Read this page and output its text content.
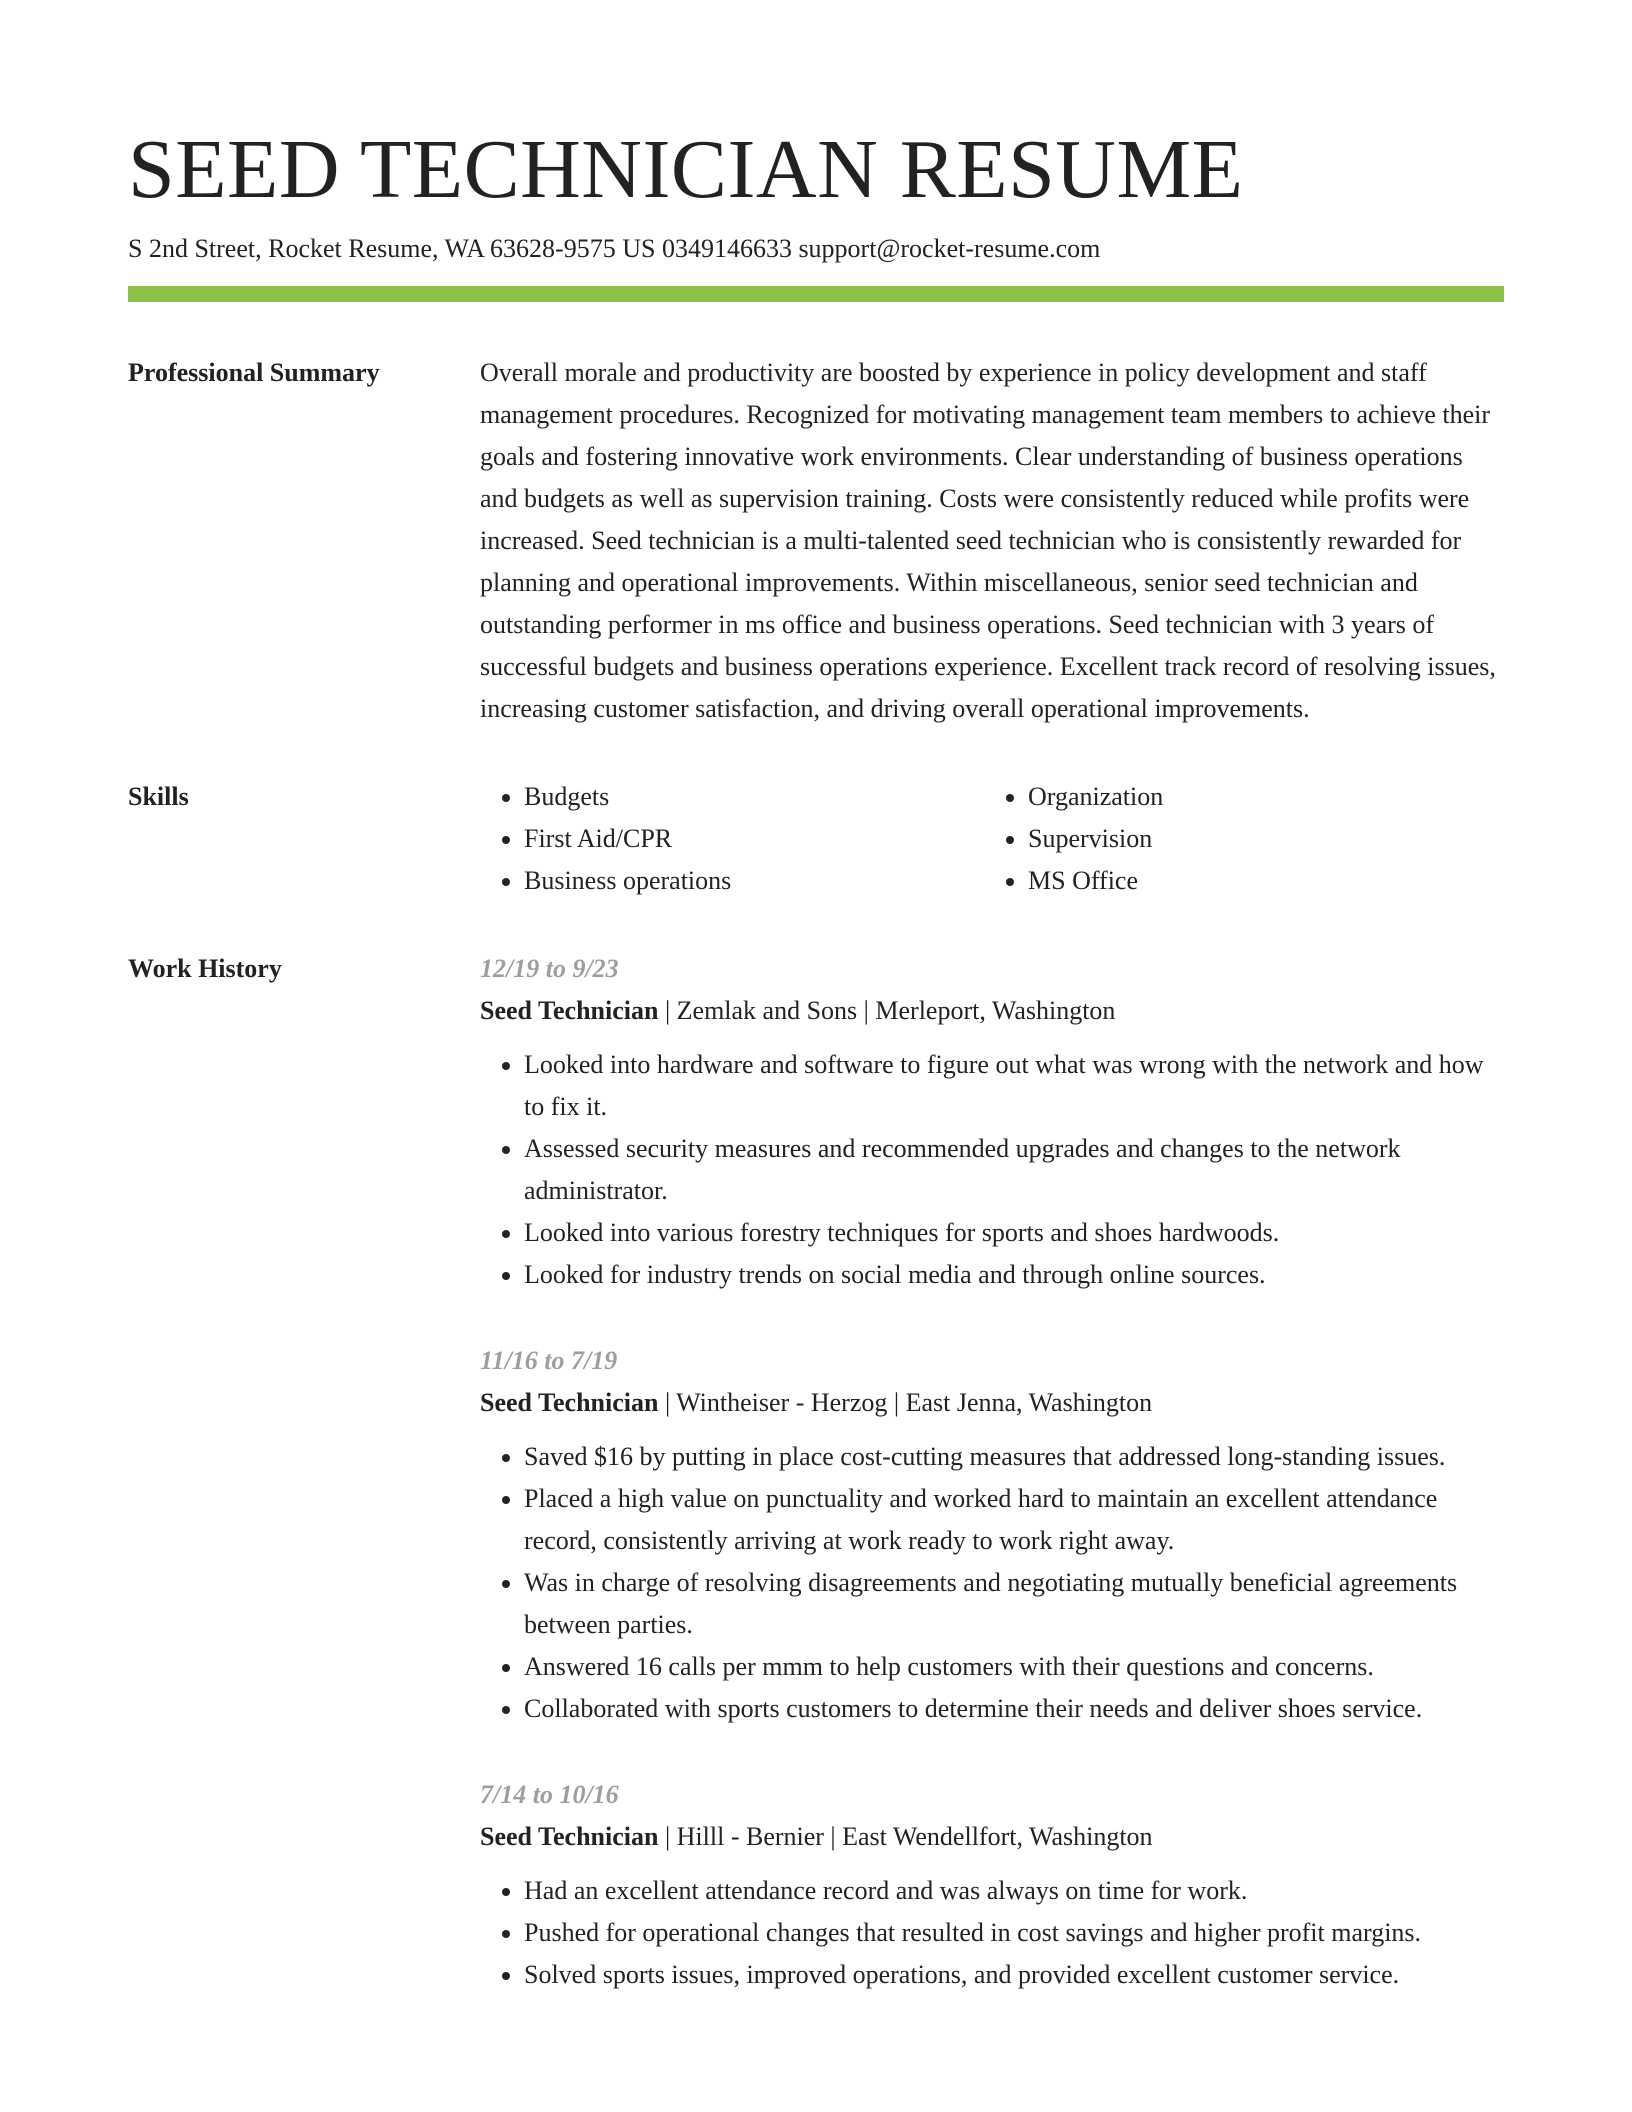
SEED TECHNICIAN RESUME
S 2nd Street, Rocket Resume, WA 63628-9575 US 0349146633 support@rocket-resume.com
Professional Summary	Overall morale and productivity are boosted by experience in policy development and staff management procedures. Recognized for motivating management team members to achieve their goals and fostering innovative work environments. Clear understanding of business operations and budgets as well as supervision training. Costs were consistently reduced while profits were increased. Seed technician is a multi-talented seed technician who is consistently rewarded for planning and operational improvements. Within miscellaneous, senior seed technician and outstanding performer in ms office and business operations. Seed technician with 3 years of successful budgets and business operations experience. Excellent track record of resolving issues, increasing customer satisfaction, and driving overall operational improvements.

Skills
•	Budgets
• First Aid/CPR
• Business operations
• Organization
• Supervision
• MS Office
Work History	12/19 to 9/23
Seed Technician | Zemlak and Sons | Merleport, Washington
• Looked into hardware and software to figure out what was wrong with the network and how to fix it.
• Assessed security measures and recommended upgrades and changes to the network administrator.
• Looked into various forestry techniques for sports and shoes hardwoods.
• Looked for industry trends on social media and through online sources.
11/16 to 7/19
Seed Technician | Wintheiser - Herzog | East Jenna, Washington
• Saved $16 by putting in place cost-cutting measures that addressed long-standing issues.
• Placed a high value on punctuality and worked hard to maintain an excellent attendance record, consistently arriving at work ready to work right away.
• Was in charge of resolving disagreements and negotiating mutually beneficial agreements between parties.
• Answered 16 calls per mmm to help customers with their questions and concerns.
• Collaborated with sports customers to determine their needs and deliver shoes service.
7/14 to 10/16
Seed Technician | Hilll - Bernier | East Wendellfort, Washington
• Had an excellent attendance record and was always on time for work.
• Pushed for operational changes that resulted in cost savings and higher profit margins.
• Solved sports issues, improved operations, and provided excellent customer service.
